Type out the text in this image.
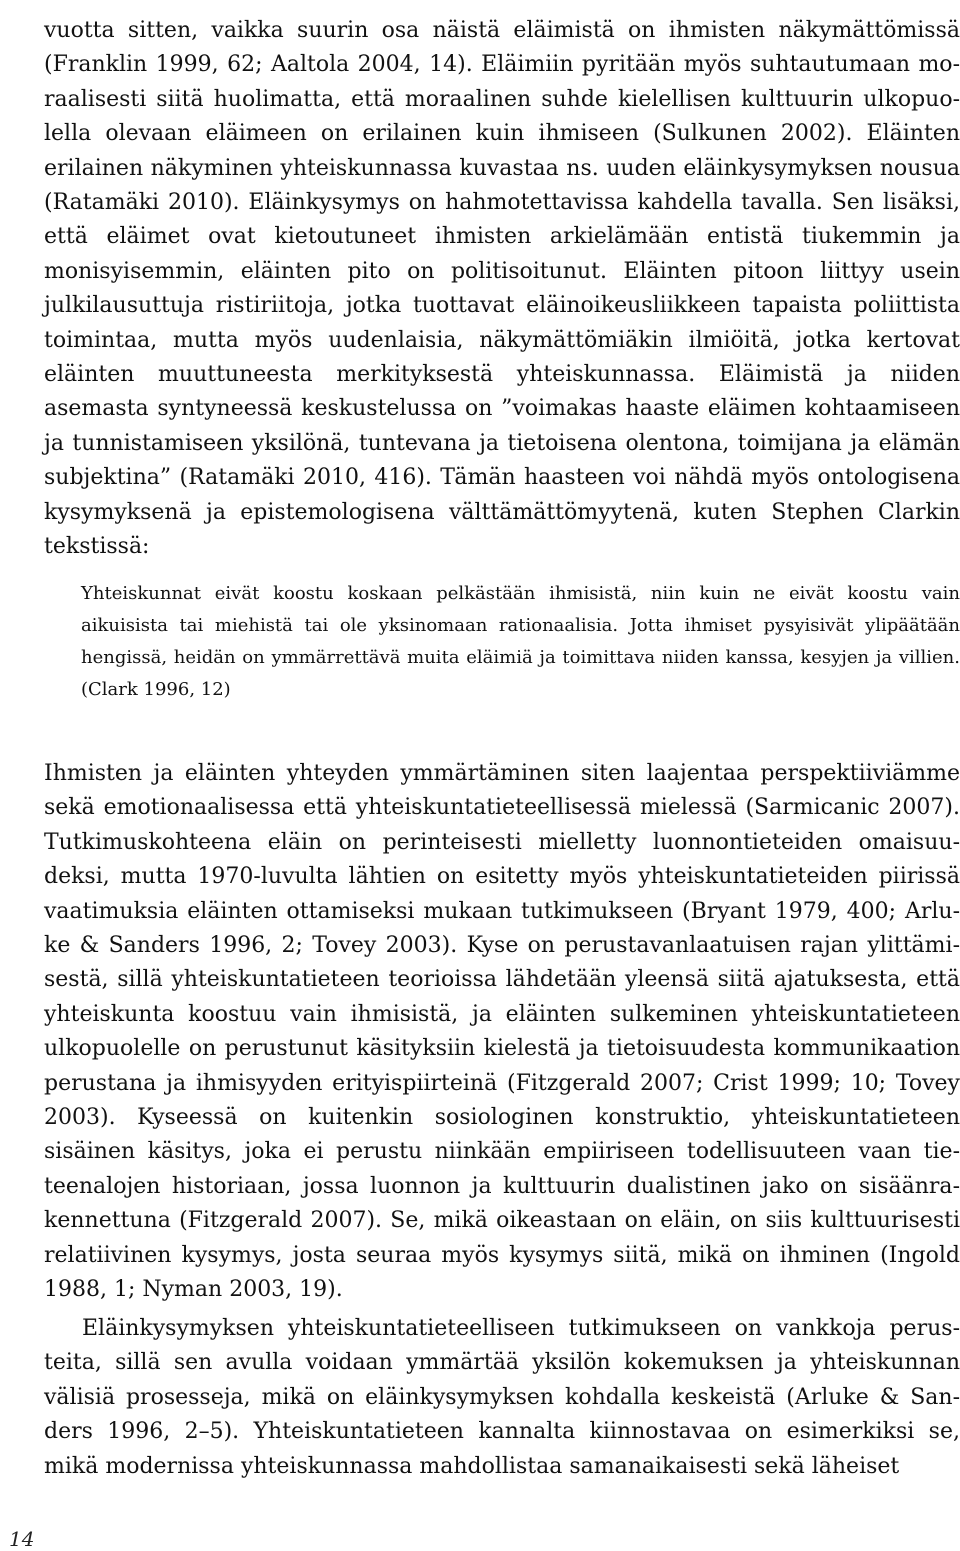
vuotta sitten, vaikka suurin osa näistä eläimistä on ihmisten näkymättömissä (Franklin 1999, 62; Aaltola 2004, 14). Eläimiin pyritään myös suhtautumaan moraalisesti siitä huolimatta, että moraalinen suhde kielellisen kulttuurin ulkopuolella olevaan eläimeen on erilainen kuin ihmiseen (Sulkunen 2002). Eläinten erilainen näkyminen yhteiskunnassa kuvastaa ns. uuden eläinkysymyksen nousua (Ratamäki 2010). Eläinkysymys on hahmotettavissa kahdella tavalla. Sen lisäksi, että eläimet ovat kietoutuneet ihmisten arkielämään entistä tiukemmin ja monisyisemmin, eläinten pito on politisoitunut. Eläinten pitoon liittyy usein julkilausuttuja ristiriitoja, jotka tuottavat eläinoikeusliikkeen tapaista poliittista toimintaa, mutta myös uudenlaisia, näkymättömiäkin ilmiöitä, jotka kertovat eläinten muuttuneesta merkityksestä yhteiskunnassa. Eläimistä ja niiden asemasta syntyneessä keskustelussa on ”voimakas haaste eläimen kohtaamiseen ja tunnistamiseen yksilönä, tuntevana ja tietoisena olentona, toimijana ja elämän subjektina” (Ratamäki 2010, 416). Tämän haasteen voi nähdä myös ontologisena kysymyksenä ja epistemologisena välttämättömyytenä, kuten Stephen Clarkin tekstissä:

Yhteiskunnat eivät koostu koskaan pelkästään ihmisistä, niin kuin ne eivät koostu vain aikuisista tai miehistä tai ole yksinomaan rationaalisia. Jotta ihmiset pysyisivät ylipäätään hengissä, heidän on ymmärrettävä muita eläimiä ja toimittava niiden kanssa, kesyjen ja villien. (Clark 1996, 12)

Ihmisten ja eläinten yhteyden ymmärtäminen siten laajentaa perspektiiviämme sekä emotionaalisessa että yhteiskuntatieteellisessä mielessä (Sarmicanic 2007). Tutkimuskohteena eläin on perinteisesti mielletty luonnontieteiden omaisuudeksi, mutta 1970-luvulta lähtien on esitetty myös yhteiskuntatieteiden piirissä vaatimuksia eläinten ottamiseksi mukaan tutkimukseen (Bryant 1979, 400; Arluke & Sanders 1996, 2; Tovey 2003). Kyse on perustavanlaatuisen rajan ylittämisestä, sillä yhteiskuntatieteen teorioissa lähdetään yleensä siitä ajatuksesta, että yhteiskunta koostuu vain ihmisistä, ja eläinten sulkeminen yhteiskuntatieteen ulkopuolelle on perustunut käsityksiin kielestä ja tietoisuudesta kommunikaation perustana ja ihmisyyden erityispiirteinä (Fitzgerald 2007; Crist 1999; 10; Tovey 2003). Kyseessä on kuitenkin sosiologinen konstruktio, yhteiskuntatieteen sisäinen käsitys, joka ei perustu niinkään empiiriseen todellisuuteen vaan tieteenalojen historiaan, jossa luonnon ja kulttuurin dualistinen jako on sisäänrakennettuna (Fitzgerald 2007). Se, mikä oikeastaan on eläin, on siis kulttuurisesti relatiivinen kysymys, josta seuraa myös kysymys siitä, mikä on ihminen (Ingold 1988, 1; Nyman 2003, 19).

Eläinkysymyksen yhteiskuntatieteelliseen tutkimukseen on vankkoja perusteita, sillä sen avulla voidaan ymmärtää yksilön kokemuksen ja yhteiskunnan välisiä prosesseja, mikä on eläinkysymyksen kohdalla keskeistä (Arluke & Sanders 1996, 2–5). Yhteiskuntatieteen kannalta kiinnostavaa on esimerkiksi se, mikä modernissa yhteiskunnassa mahdollistaa samanaikaisesti sekä läheiset

14
